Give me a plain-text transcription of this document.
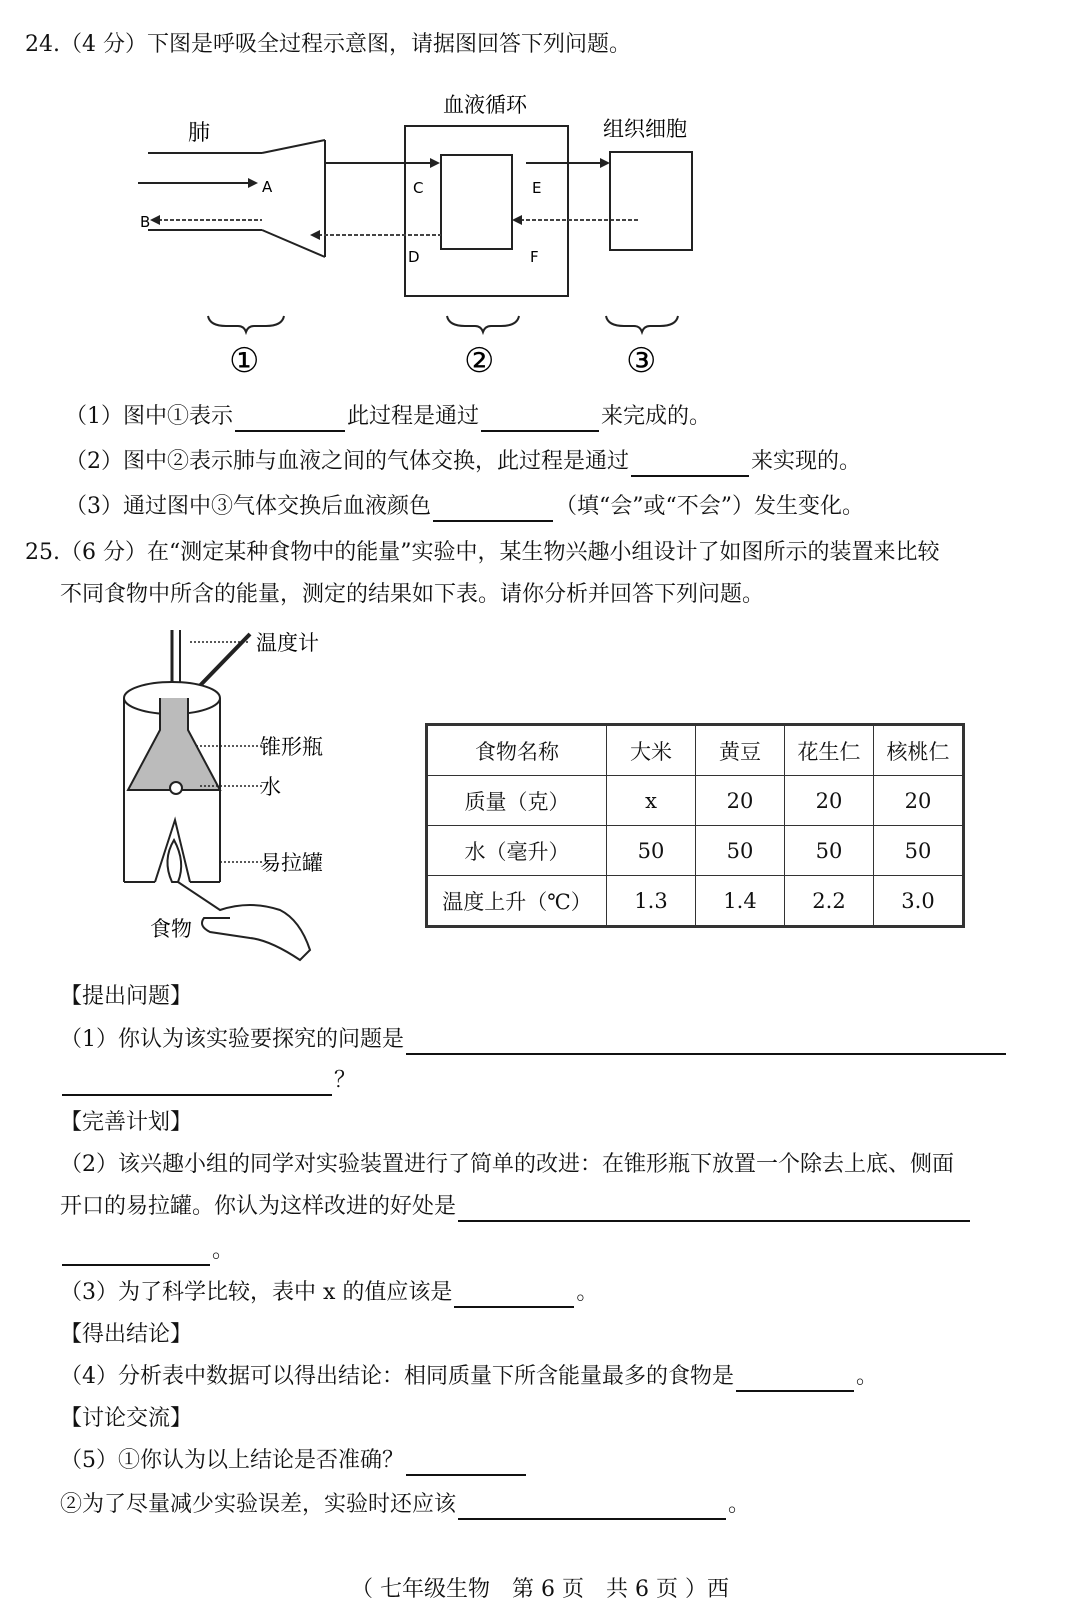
24.（4 分）下图是呼吸全过程示意图，请据图回答下列问题。
肺
A
B
血液循环
C
D
E
F
组织细胞
①	②	③
（1）图中①表示	此过程是通过	来完成的。
（2）图中②表示肺与血液之间的气体交换，此过程是通过	来实现的。
（3）通过图中③气体交换后血液颜色	（填“会”或“不会”）发生变化。
25.（6 分）在“测定某种食物中的能量”实验中，某生物兴趣小组设计了如图所示的装置来比较
不同食物中所含的能量，测定的结果如下表。请你分析并回答下列问题。
温度计
锥形瓶
水
易拉罐
食物
食物名称	大米	黄豆	花生仁	核桃仁
质量（克）	x	20	20	20
水（毫升）	50	50	50	50
温度上升（℃）	1.3	1.4	2.2	3.0
【提出问题】
（1）你认为该实验要探究的问题是
？
【完善计划】
（2）该兴趣小组的同学对实验装置进行了简单的改进：在锥形瓶下放置一个除去上底、侧面
开口的易拉罐。你认为这样改进的好处是
。
（3）为了科学比较，表中 x 的值应该是	。
【得出结论】
（4）分析表中数据可以得出结论：相同质量下所含能量最多的食物是	。
【讨论交流】
（5）①你认为以上结论是否准确？
②为了尽量减少实验误差，实验时还应该	。
（ 七年级生物　第 6 页　共 6 页 ）西
